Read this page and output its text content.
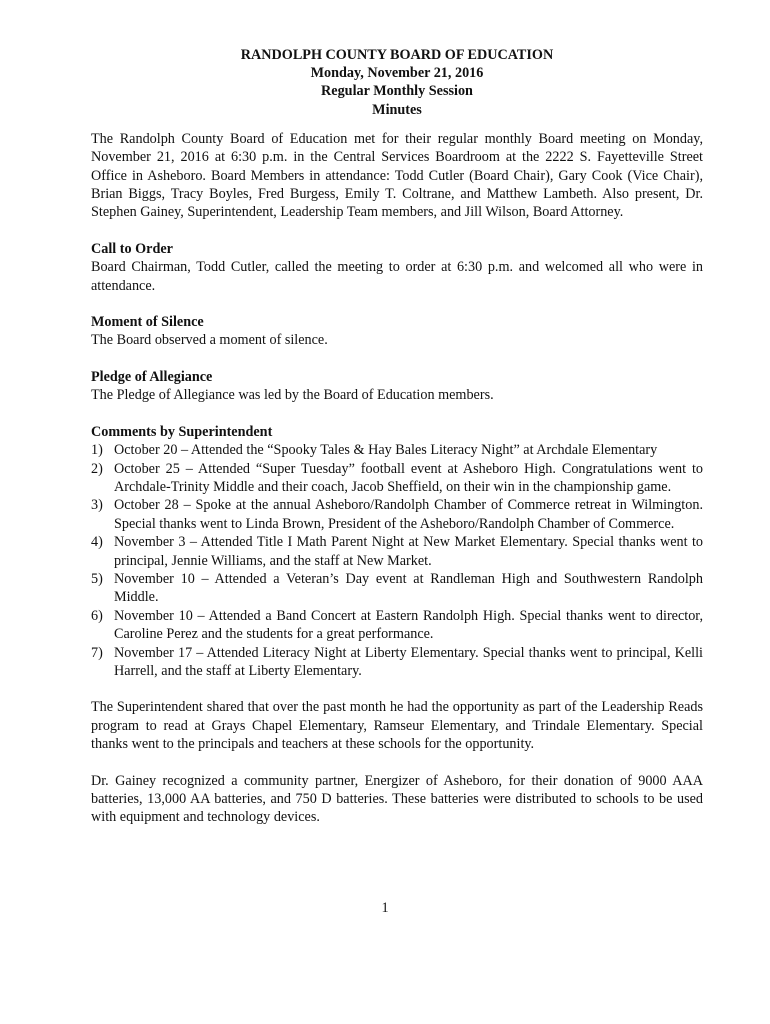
RANDOLPH COUNTY BOARD OF EDUCATION
Monday, November 21, 2016
Regular Monthly Session
Minutes

The Randolph County Board of Education met for their regular monthly Board meeting on Monday, November 21, 2016 at 6:30 p.m. in the Central Services Boardroom at the 2222 S. Fayetteville Street Office in Asheboro. Board Members in attendance: Todd Cutler (Board Chair), Gary Cook (Vice Chair), Brian Biggs, Tracy Boyles, Fred Burgess, Emily T. Coltrane, and Matthew Lambeth. Also present, Dr. Stephen Gainey, Superintendent, Leadership Team members, and Jill Wilson, Board Attorney.

Call to Order

Board Chairman, Todd Cutler, called the meeting to order at 6:30 p.m. and welcomed all who were in attendance.

Moment of Silence

The Board observed a moment of silence.

Pledge of Allegiance

The Pledge of Allegiance was led by the Board of Education members.

Comments by Superintendent
1) October 20 – Attended the “Spooky Tales & Hay Bales Literacy Night” at Archdale Elementary
2) October 25 – Attended “Super Tuesday” football event at Asheboro High. Congratulations went to Archdale-Trinity Middle and their coach, Jacob Sheffield, on their win in the championship game.
3) October 28 – Spoke at the annual Asheboro/Randolph Chamber of Commerce retreat in Wilmington. Special thanks went to Linda Brown, President of the Asheboro/Randolph Chamber of Commerce.
4) November 3 – Attended Title I Math Parent Night at New Market Elementary. Special thanks went to principal, Jennie Williams, and the staff at New Market.
5) November 10 – Attended a Veteran’s Day event at Randleman High and Southwestern Randolph Middle.
6) November 10 – Attended a Band Concert at Eastern Randolph High. Special thanks went to director, Caroline Perez and the students for a great performance.
7) November 17 – Attended Literacy Night at Liberty Elementary. Special thanks went to principal, Kelli Harrell, and the staff at Liberty Elementary.

The Superintendent shared that over the past month he had the opportunity as part of the Leadership Reads program to read at Grays Chapel Elementary, Ramseur Elementary, and Trindale Elementary. Special thanks went to the principals and teachers at these schools for the opportunity.

Dr. Gainey recognized a community partner, Energizer of Asheboro, for their donation of 9000 AAA batteries, 13,000 AA batteries, and 750 D batteries. These batteries were distributed to schools to be used with equipment and technology devices.

1
